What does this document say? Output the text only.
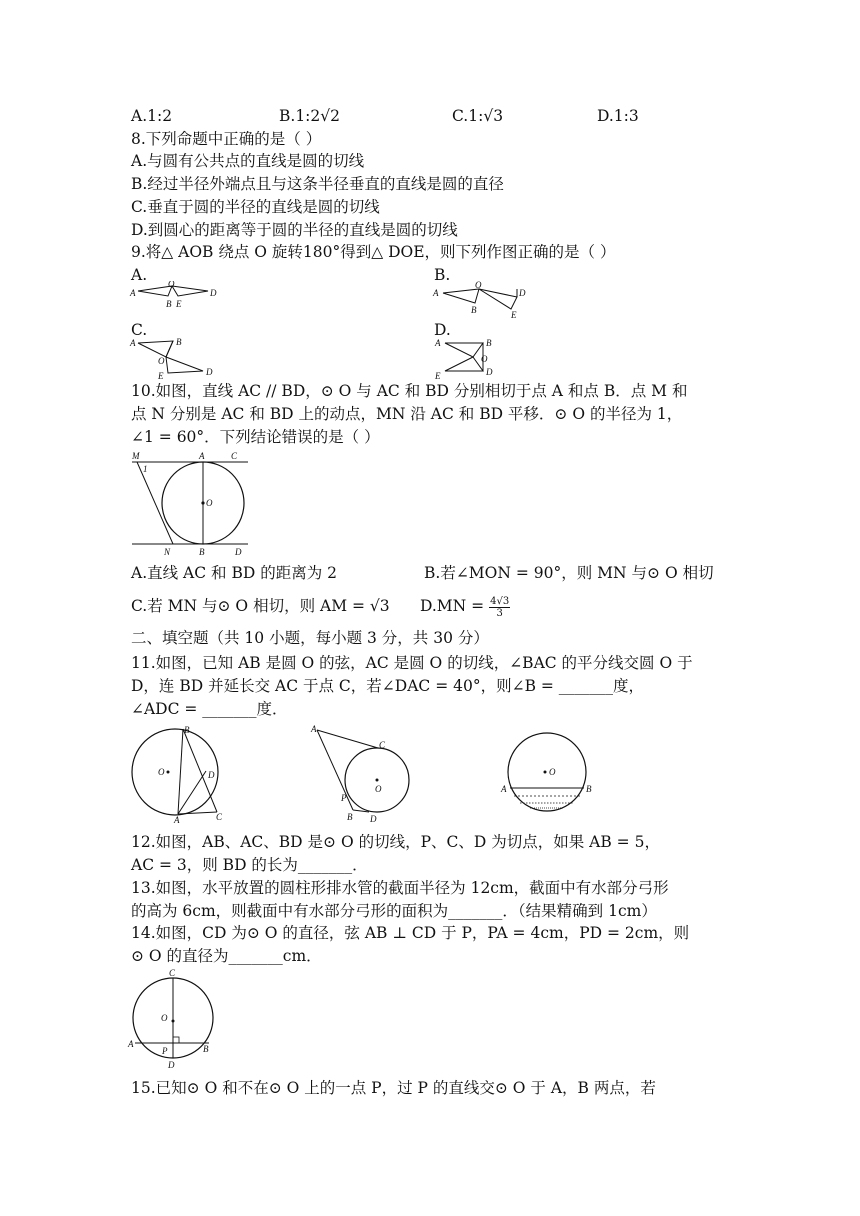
A.1:2	B.1:2√2	C.1:√3	D.1:3
8.下列命题中正确的是（ ）
A.与圆有公共点的直线是圆的切线
B.经过半径外端点且与这条半径垂直的直线是圆的直径
C.垂直于圆的半径的直线是圆的切线
D.到圆心的距离等于圆的半径的直线是圆的切线
9.将△ AOB 绕点 O 旋转180°得到△ DOE，则下列作图正确的是（ ）
A.	B.
C.	D.
A
O
D
B E
A
O
D
B	E
A	B
O
D
E
A	B
O
D
E
10.如图，直线 AC // BD，⊙ O 与 AC 和 BD 分别相切于点 A 和点 B．点 M 和
点 N 分别是 AC 和 BD 上的动点，MN 沿 AC 和 BD 平移．⊙ O 的半径为 1，
∠1 = 60°．下列结论错误的是（ ）
M
1
A	C
O
N	B	D
A.直线 AC 和 BD 的距离为 2	B.若∠MON = 90°，则 MN 与⊙ O 相切
C.若 MN 与⊙ O 相切，则 AM = √3 $D.MN = \frac{4√3}{3}$
二、填空题（共 10 小题，每小题 3 分，共 30 分）
11.如图，已知 AB 是圆 O 的弦，AC 是圆 O 的切线，∠BAC 的平分线交圆 O 于
D，连 BD 并延长交 AC 于点 C，若∠DAC = 40°，则∠B = _______度，
∠ADC = _______度．
O
B
D
A	C
A
C
O
P
B D
O
A	B
12.如图，AB、AC、BD 是⊙ O 的切线，P、C、D 为切点，如果 AB = 5，
AC = 3，则 BD 的长为_______．
13.如图，水平放置的圆柱形排水管的截面半径为 12cm，截面中有水部分弓形
的高为 6cm，则截面中有水部分弓形的面积为_______．（结果精确到 1cm）
14.如图，CD 为⊙ O 的直径，弦 AB ⊥ CD 于 P，PA = 4cm，PD = 2cm，则
⊙ O 的直径为_______cm．
C
O
A
P	B
D
15.已知⊙ O 和不在⊙ O 上的一点 P，过 P 的直线交⊙ O 于 A，B 两点，若
